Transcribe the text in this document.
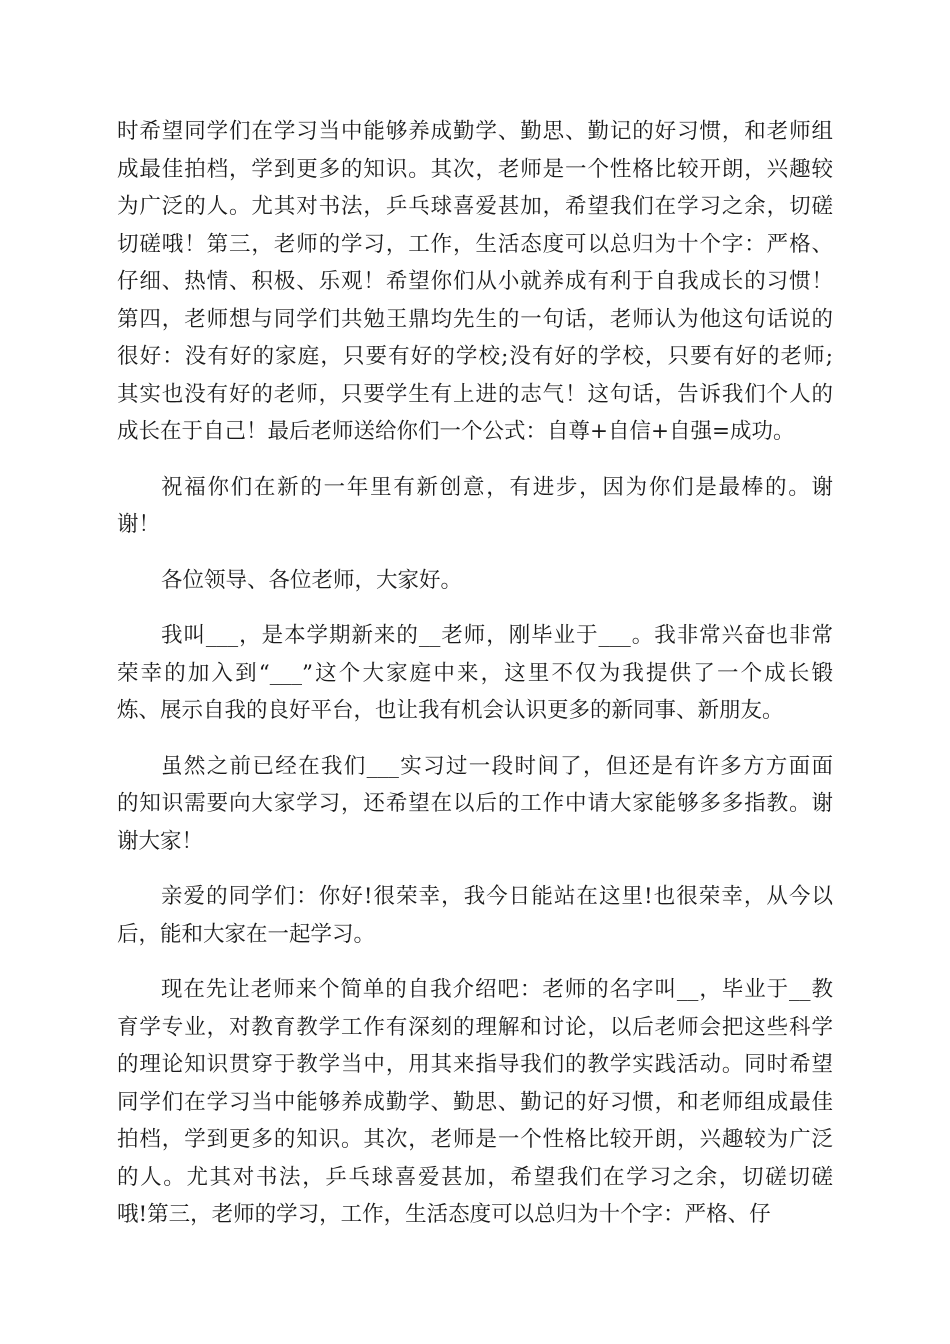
时希望同学们在学习当中能够养成勤学、勤思、勤记的好习惯，和老师组
成最佳拍档，学到更多的知识。其次，老师是一个性格比较开朗，兴趣较
为广泛的人。尤其对书法，乒乓球喜爱甚加，希望我们在学习之余，切磋
切磋哦！第三，老师的学习，工作，生活态度可以总归为十个字：严格、
仔细、热情、积极、乐观！希望你们从小就养成有利于自我成长的习惯！
第四，老师想与同学们共勉王鼎均先生的一句话，老师认为他这句话说的
很好：没有好的家庭，只要有好的学校;没有好的学校，只要有好的老师;
其实也没有好的老师，只要学生有上进的志气！这句话，告诉我们个人的
成长在于自己！最后老师送给你们一个公式：自尊+自信+自强=成功。
祝福你们在新的一年里有新创意，有进步，因为你们是最棒的。谢
谢！
各位领导、各位老师，大家好。
我叫___，是本学期新来的__老师，刚毕业于___。我非常兴奋也非常
荣幸的加入到“___”这个大家庭中来，这里不仅为我提供了一个成长锻
炼、展示自我的良好平台，也让我有机会认识更多的新同事、新朋友。
虽然之前已经在我们___实习过一段时间了，但还是有许多方方面面
的知识需要向大家学习，还希望在以后的工作中请大家能够多多指教。谢
谢大家！
亲爱的同学们：你好!很荣幸，我今日能站在这里!也很荣幸，从今以
后，能和大家在一起学习。
现在先让老师来个简单的自我介绍吧：老师的名字叫__，毕业于__教
育学专业，对教育教学工作有深刻的理解和讨论，以后老师会把这些科学
的理论知识贯穿于教学当中，用其来指导我们的教学实践活动。同时希望
同学们在学习当中能够养成勤学、勤思、勤记的好习惯，和老师组成最佳
拍档，学到更多的知识。其次，老师是一个性格比较开朗，兴趣较为广泛
的人。尤其对书法，乒乓球喜爱甚加，希望我们在学习之余，切磋切磋
哦!第三，老师的学习，工作，生活态度可以总归为十个字：严格、仔
